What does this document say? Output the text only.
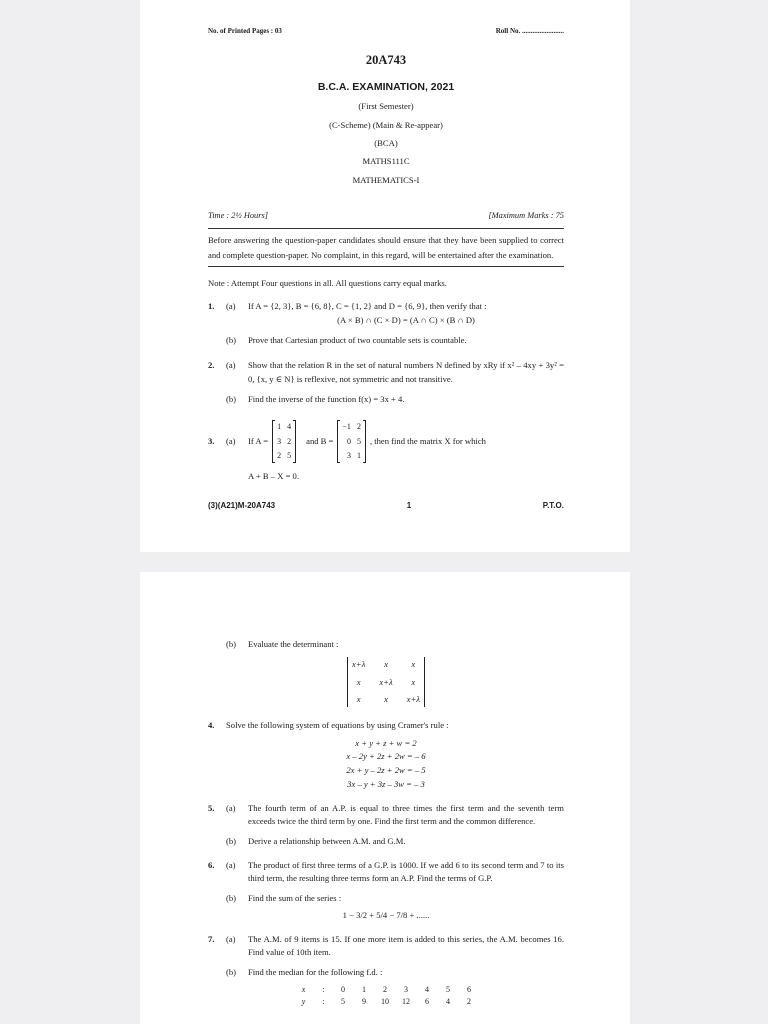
No. of Printed Pages : 03	Roll No. ........................
20A743
B.C.A. EXAMINATION, 2021
(First Semester)
(C-Scheme) (Main & Re-appear)
(BCA)
MATHS111C
MATHEMATICS-I
Time : 2½ Hours]	[Maximum Marks : 75
Before answering the question-paper candidates should ensure that they have been supplied to correct and complete question-paper. No complaint, in this regard, will be entertained after the examination.
Note : Attempt Four questions in all. All questions carry equal marks.
1.	(a)	If A = {2, 3}, B = {6, 8}, C = {1, 2} and D = {6, 9}, then verify that :
(A × B) ∩ (C × D) = (A ∩ C) × (B ∩ D)
(b)	Prove that Cartesian product of two countable sets is countable.
2.	(a)	Show that the relation R in the set of natural numbers N defined by xRy if x² – 4xy + 3y² = 0, {x, y ∈ N} is reflexive, not symmetric and not transitive.
(b)	Find the inverse of the function f(x) = 3x + 4.
3.	(a)	If A =
1 4
3 2
2 5
and B =
−1 2
0 5
3 1
, then find the matrix X for which
A + B – X = 0.
(3)(A21)M-20A743	1	P.T.O.
(b)	Evaluate the determinant :
x+λ	x	x
x	x+λ	x
x	x	x+λ
4.	Solve the following system of equations by using Cramer's rule :
x + y + z + w = 2
x – 2y + 2z + 2w = – 6
2x + y – 2z + 2w = – 5
3x – y + 3z – 3w = – 3
5.	(a)	The fourth term of an A.P. is equal to three times the first term and the seventh term exceeds twice the third term by one. Find the first term and the common difference.
(b)	Derive a relationship between A.M. and G.M.
6.	(a)	The product of first three terms of a G.P. is 1000. If we add 6 to its second term and 7 to its third term, the resulting three terms form an A.P. Find the terms of G.P.
(b)	Find the sum of the series :
1 − 3/2 + 5/4 − 7/8 + ......
7.	(a)	The A.M. of 9 items is 15. If one more item is added to this series, the A.M. becomes 16. Find value of 10th item.
(b)	Find the median for the following f.d. :
x	:	0	1	2	3	4	5	6
y	:	5	9	10	12	6	4	2
